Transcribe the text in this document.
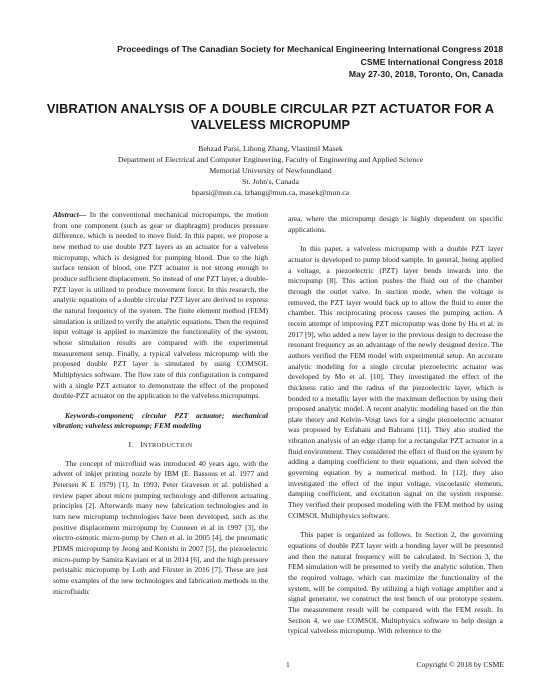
Proceedings of The Canadian Society for Mechanical Engineering International Congress 2018
CSME International Congress 2018
May 27-30, 2018, Toronto, On, Canada
VIBRATION ANALYSIS OF A DOUBLE CIRCULAR PZT ACTUATOR FOR A
VALVELESS MICROPUMP
Behzad Parsi, Lihong Zhang, Vlastimil Masek
Department of Electrical and Computer Engineering, Faculty of Engineering and Applied Science
Memorial University of Newfoundland
St. John's, Canada
bparsi@mun.ca, lzhang@mun.ca, masek@mun.ca

Abstract— In the conventional mechanical micropumps, the motion from one component (such as gear or diaphragm) produces pressure difference, which is needed to move fluid. In this paper, we propose a new method to use double PZT layers as an actuator for a valveless micropump, which is designed for pumping blood. Due to the high surface tension of blood, one PZT actuator is not strong enough to produce sufficient displacement. So instead of one PZT layer, a double-PZT layer is utilized to produce movement force. In this research, the analytic equations of a double circular PZT layer are derived to express the natural frequency of the system. The finite element method (FEM) simulation is utilized to verify the analytic equations. Then the required input voltage is applied to maximize the functionality of the system, whose simulation results are compared with the experimental measurement setup. Finally, a typical valveless micropump with the proposed double PZT layer is simulated by using COMSOL Multiphysics software. The flow rate of this configuration is compared with a single PZT actuator to demonstrate the effect of the proposed double-PZT actuator on the application to the valveless micropumps.

Keywords-component; circular PZT actuator; mechanical vibration; valveless micropump; FEM modeling

I. INTRODUCTION

The concept of microfluid was introduced 40 years ago, with the advent of inkjet printing nozzle by IBM (E. Bassous et al. 1977 and Petersen K E 1979) [1]. In 1993, Peter Gravesen et al. published a review paper about micro pumping technology and different actuating principles [2]. Afterwards many new fabrication technologies and in turn new micropump technologies have been developed, such as the positive displacement micropump by Cunneen et al in 1997 [3], the electro-osmotic micro-pump by Chen et al. in 2005 [4], the pneumatic PDMS micropump by Jeong and Konishi in 2007 [5], the piezoelectric micro-pump by Samira Kaviani et al in 2014 [6], and the high pressure peristaltic micropump by Loth and Förster in 2016 [7]. These are just some examples of the new technologies and fabrication methods in the microfluidic

area, where the micropump design is highly dependent on specific applications.

In this paper, a valveless micropump with a double PZT layer actuator is developed to pump blood sample. In general, being applied a voltage, a piezoelectric (PZT) layer bends inwards into the micropump [8]. This action pushes the fluid out of the chamber through the outlet valve. In suction mode, when the voltage is removed, the PZT layer would back up to allow the fluid to enter the chamber. This reciprocating process causes the pumping action. A recent attempt of improving PZT micropump was done by Hu et al. in 2017 [9], who added a new layer to the previous design to decrease the resonant frequency as an advantage of the newly designed device. The authors verified the FEM model with experimental setup. An accurate analytic modeling for a single circular piezoelectric actuator was developed by Mo et al. [10]. They investigated the effect of the thickness ratio and the radius of the piezoelectric layer, which is bonded to a metallic layer with the maximum deflection by using their proposed analytic model. A recent analytic modeling based on the thin plate theory and Kelvin–Voigt laws for a single piezoelectric actuator was proposed by Esfahani and Bahrami [11]. They also studied the vibration analysis of an edge clamp for a rectangular PZT actuator in a fluid environment. They considered the effect of fluid on the system by adding a damping coefficient to their equations, and then solved the governing equation by a numerical method. In [12], they also investigated the effect of the input voltage, viscoelastic elements, damping coefficient, and excitation signal on the system response. They verified their proposed modeling with the FEM method by using COMSOL Multiphysics software.

This paper is organized as follows. In Section 2, the governing equations of double PZT layer with a bonding layer will be presented and then the natural frequency will be calculated. In Section 3, the FEM simulation will be presented to verify the analytic solution. Then the required voltage, which can maximize the functionality of the system, will be computed. By utilizing a high voltage amplifier and a signal generator, we construct the test bench of our prototype system. The measurement result will be compared with the FEM result. In Section 4, we use COMSOL Multiphysics software to help design a typical valveless micropump. With reference to the

1	Copyright © 2018 by CSME
